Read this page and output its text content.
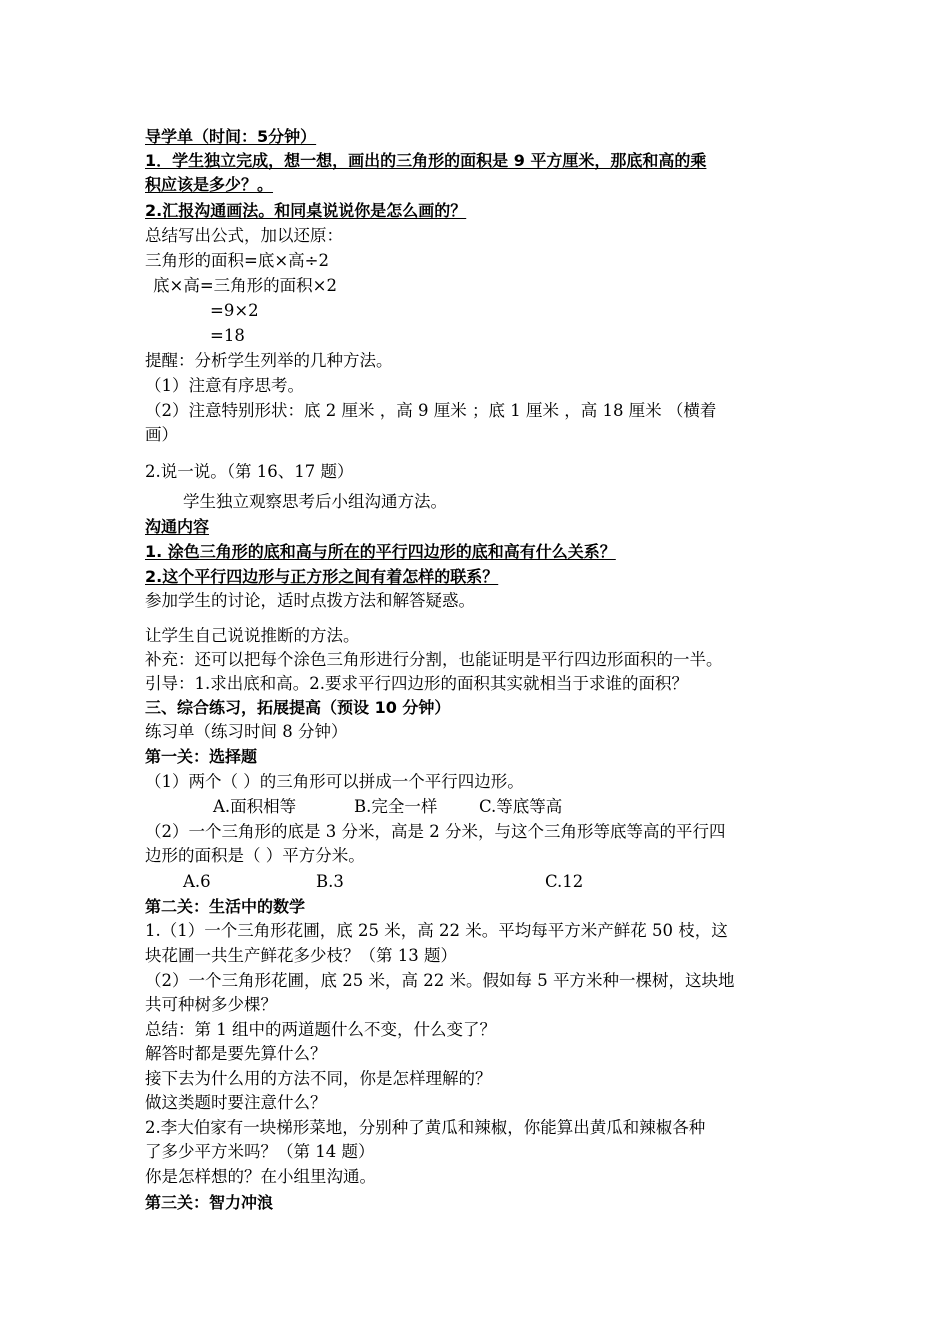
导学单（时间：5分钟）
1．学生独立完成，想一想，画出的三角形的面积是 9 平方厘米，那底和高的乘
积应该是多少？。
2.汇报沟通画法。和同桌说说你是怎么画的？
总结写出公式，加以还原：
三角形的面积=底×高÷2
底×高=三角形的面积×2
=9×2
=18
提醒：分析学生列举的几种方法。
（1）注意有序思考。
（2）注意特别形状：底 2 厘米 ，高 9 厘米 ；底 1 厘米 ，高 18 厘米 （横着
画）
2.说一说。（第 16、17 题）
学生独立观察思考后小组沟通方法。
沟通内容
1. 涂色三角形的底和高与所在的平行四边形的底和高有什么关系？
2.这个平行四边形与正方形之间有着怎样的联系？
参加学生的讨论，适时点拨方法和解答疑惑。
让学生自己说说推断的方法。
补充：还可以把每个涂色三角形进行分割，也能证明是平行四边形面积的一半。
引导：1.求出底和高。2.要求平行四边形的面积其实就相当于求谁的面积？
三、综合练习，拓展提高（预设 10 分钟）
练习单（练习时间 8 分钟）
第一关：选择题
（1）两个（ ）的三角形可以拼成一个平行四边形。
A.面积相等	B.完全一样	C.等底等高
（2）一个三角形的底是 3 分米，高是 2 分米，与这个三角形等底等高的平行四
边形的面积是（ ）平方分米。
A.6	B.3	C.12
第二关：生活中的数学
1.（1）一个三角形花圃，底 25 米，高 22 米。平均每平方米产鲜花 50 枝，这
块花圃一共生产鲜花多少枝？（第 13 题）
（2）一个三角形花圃，底 25 米，高 22 米。假如每 5 平方米种一棵树，这块地
共可种树多少棵？
总结：第 1 组中的两道题什么不变，什么变了？
解答时都是要先算什么？
接下去为什么用的方法不同，你是怎样理解的？
做这类题时要注意什么？
2.李大伯家有一块梯形菜地，分别种了黄瓜和辣椒，你能算出黄瓜和辣椒各种
了多少平方米吗？（第 14 题）
你是怎样想的？在小组里沟通。
第三关：智力冲浪
